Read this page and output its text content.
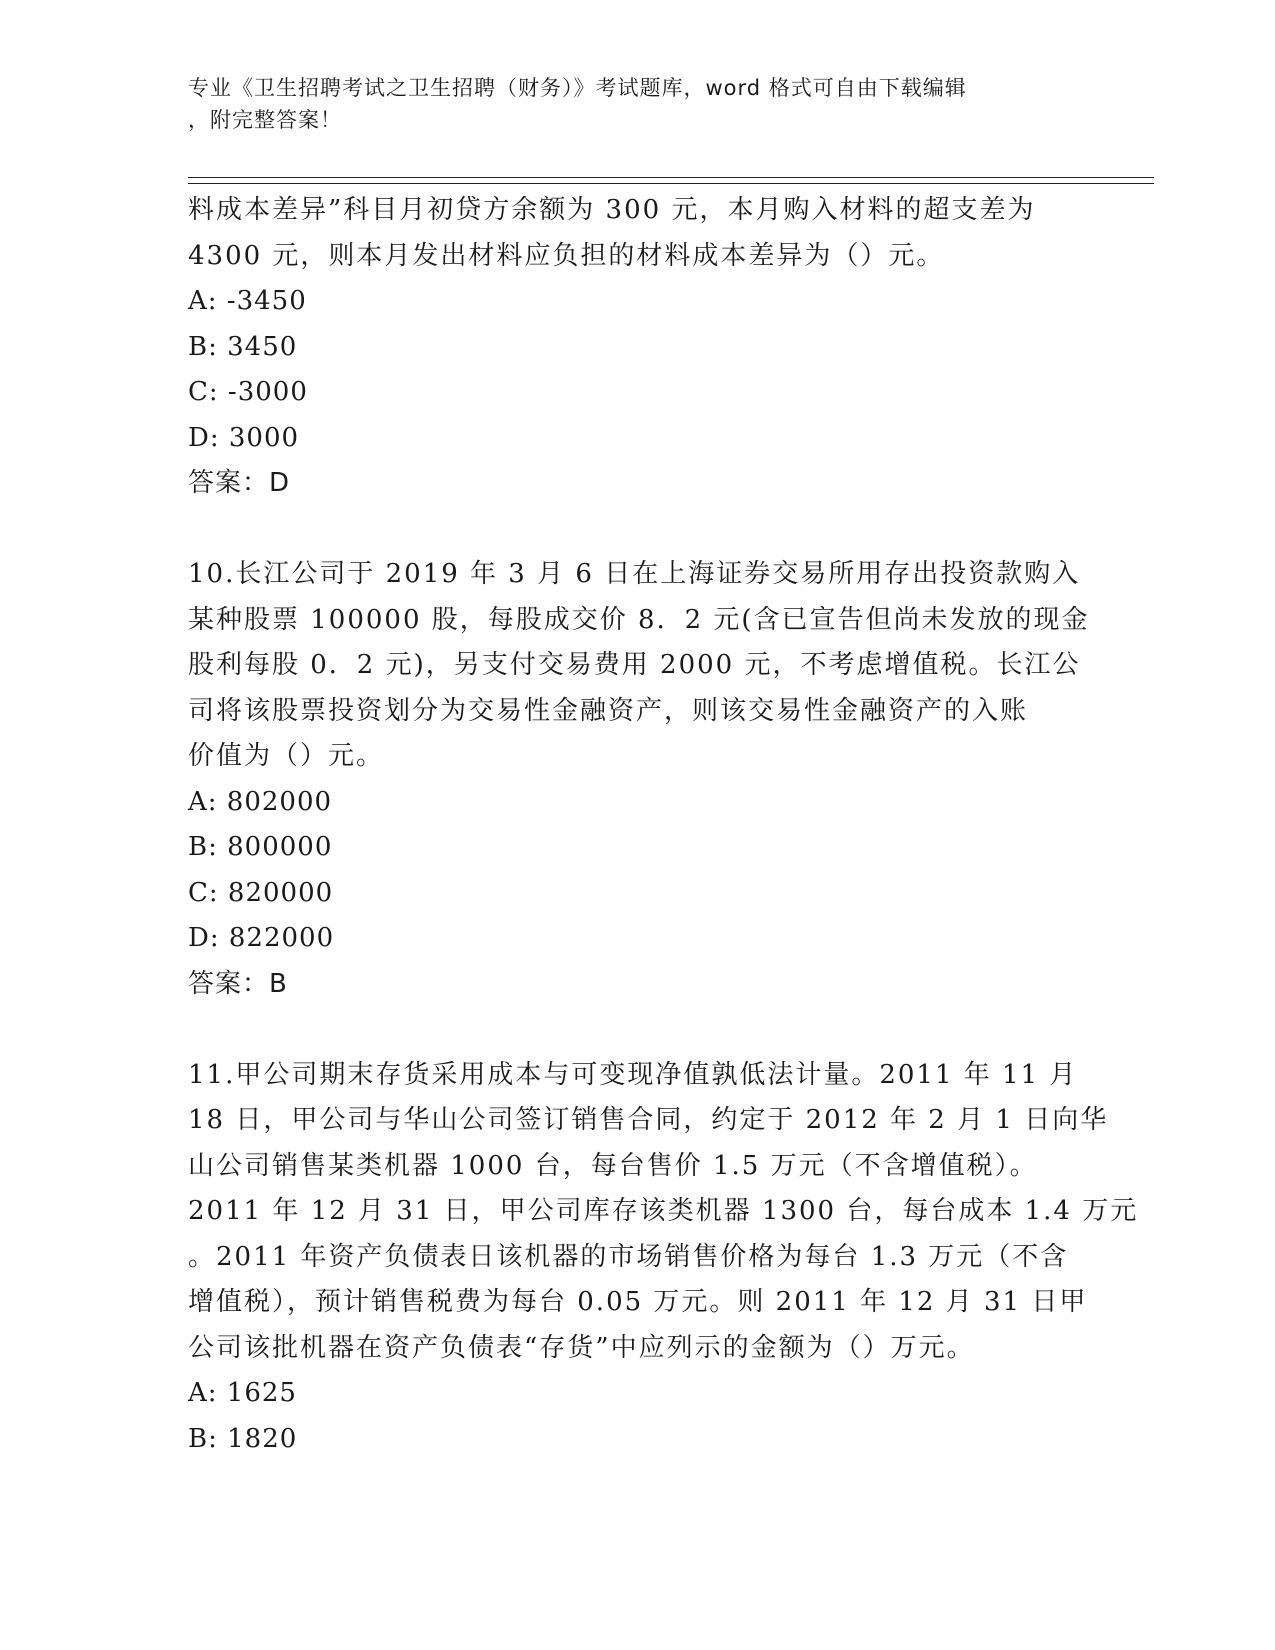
专业《卫生招聘考试之卫生招聘（财务）》考试题库，word 格式可自由下载编辑
，附完整答案！
料成本差异”科目月初贷方余额为 300 元，本月购入材料的超支差为
4300 元，则本月发出材料应负担的材料成本差异为（）元。
A: -3450
B: 3450
C: -3000
D: 3000
答案：D
10.长江公司于 2019 年 3 月 6 日在上海证券交易所用存出投资款购入
某种股票 100000 股，每股成交价 8．2 元(含已宣告但尚未发放的现金
股利每股 0．2 元)，另支付交易费用 2000 元，不考虑增值税。长江公
司将该股票投资划分为交易性金融资产，则该交易性金融资产的入账
价值为（）元。
A: 802000
B: 800000
C: 820000
D: 822000
答案：B
11.甲公司期末存货采用成本与可变现净值孰低法计量。2011 年 11 月
18 日，甲公司与华山公司签订销售合同，约定于 2012 年 2 月 1 日向华
山公司销售某类机器 1000 台，每台售价 1.5 万元（不含增值税）。
2011 年 12 月 31 日，甲公司库存该类机器 1300 台，每台成本 1.4 万元
。2011 年资产负债表日该机器的市场销售价格为每台 1.3 万元（不含
增值税），预计销售税费为每台 0.05 万元。则 2011 年 12 月 31 日甲
公司该批机器在资产负债表“存货”中应列示的金额为（）万元。
A: 1625
B: 1820
